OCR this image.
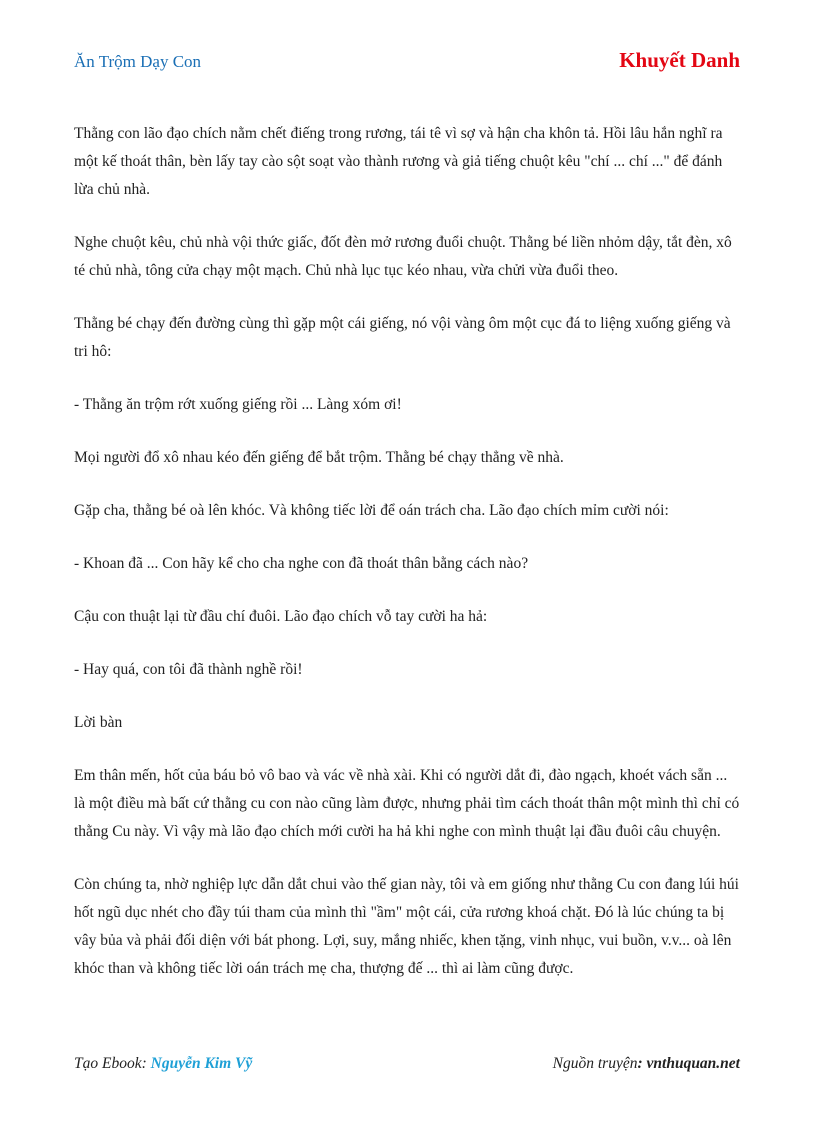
Ăn Trộm Dạy Con	Khuyết Danh

Thằng con lão đạo chích nằm chết điếng trong rương, tái tê vì sợ và hận cha khôn tả. Hồi lâu hắn nghĩ ra một kế thoát thân, bèn lấy tay cào sột soạt vào thành rương và giả tiếng chuột kêu "chí ... chí ..." để đánh lừa chủ nhà.

Nghe chuột kêu, chủ nhà vội thức giấc, đốt đèn mở rương đuổi chuột. Thằng bé liền nhỏm dậy, tắt đèn, xô té chủ nhà, tông cửa chạy một mạch. Chủ nhà lục tục kéo nhau, vừa chửi vừa đuổi theo.

Thằng bé chạy đến đường cùng thì gặp một cái giếng, nó vội vàng ôm một cục đá to liệng xuống giếng và tri hô:

- Thằng ăn trộm rớt xuống giếng rồi ... Làng xóm ơi!

Mọi người đổ xô nhau kéo đến giếng để bắt trộm. Thằng bé chạy thẳng về nhà.

Gặp cha, thằng bé oà lên khóc. Và không tiếc lời để oán trách cha. Lão đạo chích mỉm cười nói:

- Khoan đã ... Con hãy kể cho cha nghe con đã thoát thân bằng cách nào?

Cậu con thuật lại từ đầu chí đuôi. Lão đạo chích vỗ tay cười ha hả:

- Hay quá, con tôi đã thành nghề rồi!

Lời bàn

Em thân mến, hốt của báu bỏ vô bao và vác về nhà xài. Khi có người dắt đi, đào ngạch, khoét vách sẵn ... là một điều mà bất cứ thằng cu con nào cũng làm được, nhưng phải tìm cách thoát thân một mình thì chỉ có thằng Cu này. Vì vậy mà lão đạo chích mới cười ha hả khi nghe con mình thuật lại đầu đuôi câu chuyện.

Còn chúng ta, nhờ nghiệp lực dẫn dắt chui vào thế gian này, tôi và em giống như thằng Cu con đang lúi húi hốt ngũ dục nhét cho đầy túi tham của mình thì "ầm" một cái, cửa rương khoá chặt. Đó là lúc chúng ta bị vây bủa và phải đối diện với bát phong. Lợi, suy, mắng nhiếc, khen tặng, vinh nhục, vui buồn, v.v... oà lên khóc than và không tiếc lời oán trách mẹ cha, thượng đế ... thì ai làm cũng được.

Tạo Ebook: Nguyễn Kim Vỹ	Nguồn truyện: vnthuquan.net
